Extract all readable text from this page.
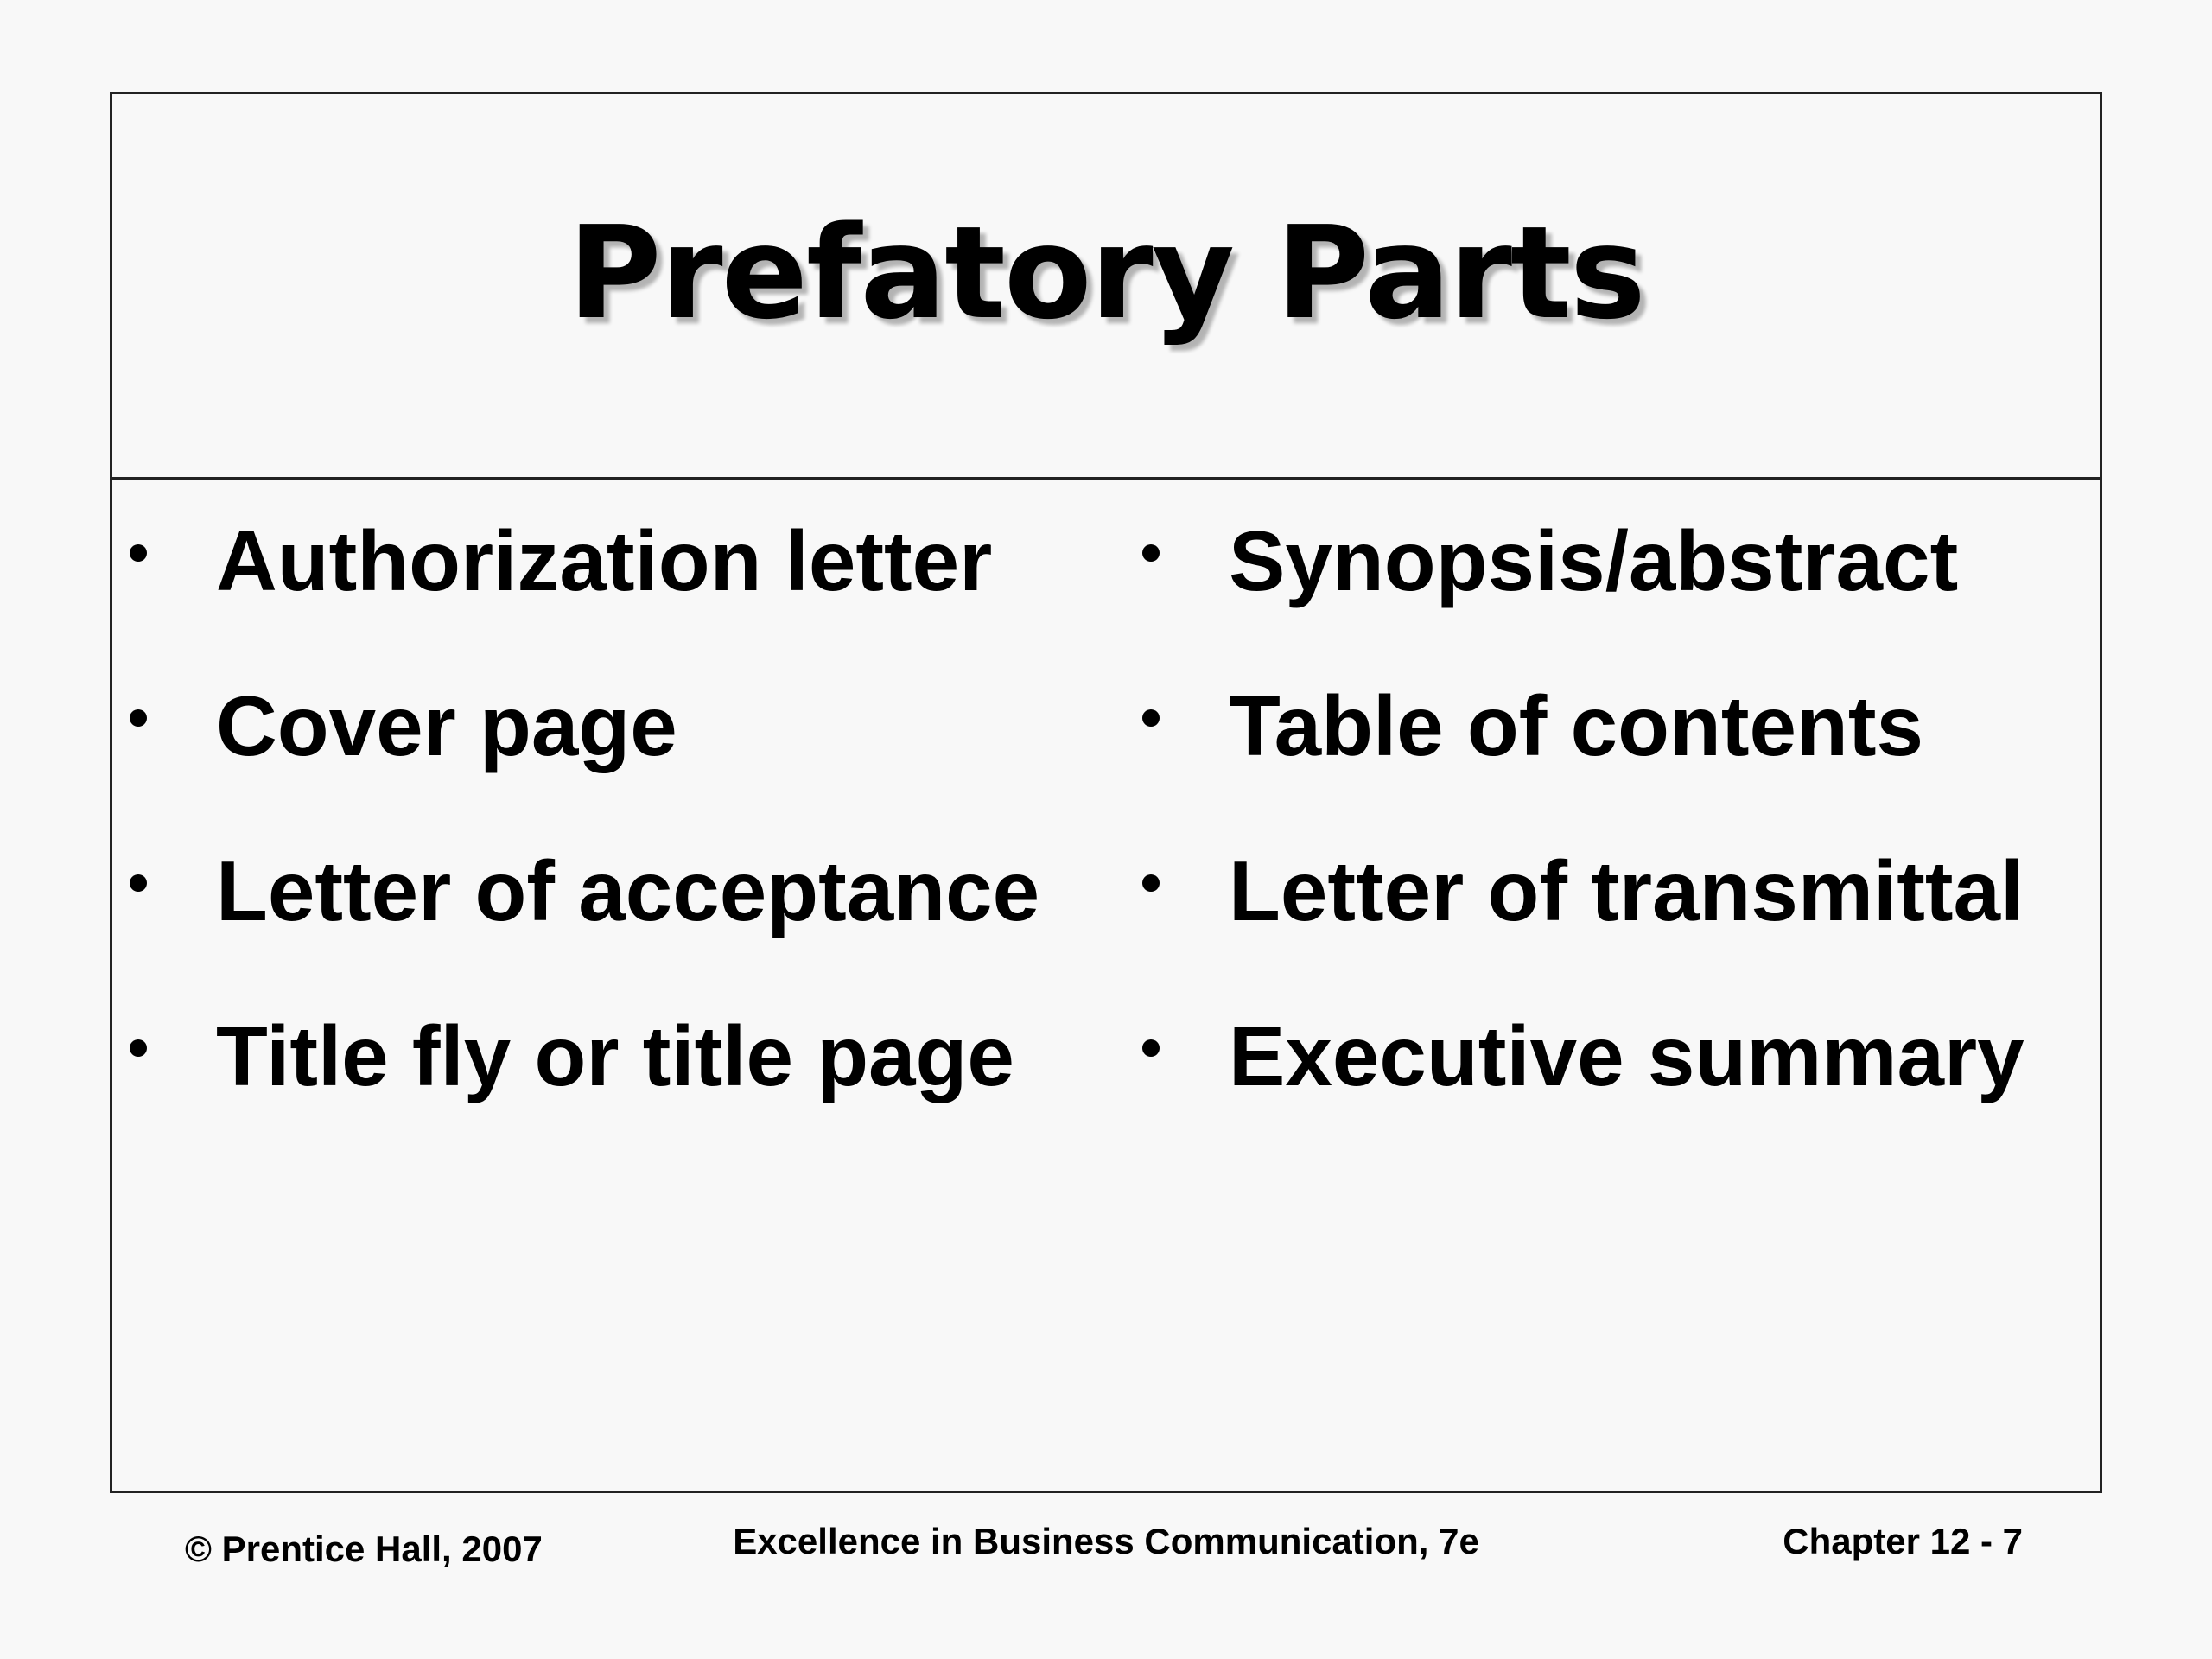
Prefatory Parts
Authorization letter
Cover page
Letter of acceptance
Title fly or title page
Synopsis/abstract
Table of contents
Letter of transmittal
Executive summary
© Prentice Hall, 2007	Excellence in Business Communication, 7e	Chapter 12 - 7
